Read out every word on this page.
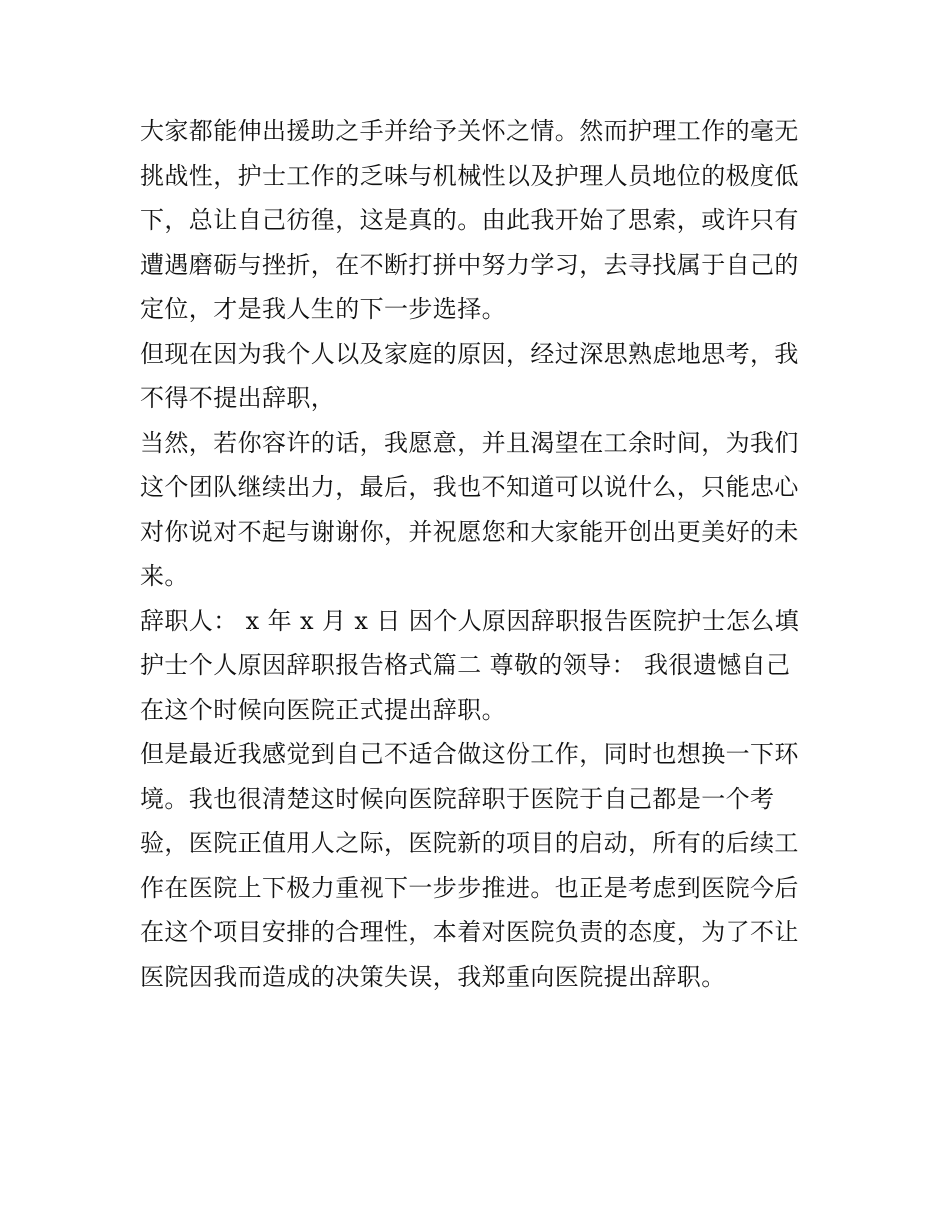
大家都能伸出援助之手并给予关怀之情。然而护理工作的毫无
挑战性，护士工作的乏味与机械性以及护理人员地位的极度低
下，总让自己彷徨，这是真的。由此我开始了思索，或许只有
遭遇磨砺与挫折，在不断打拼中努力学习，去寻找属于自己的
定位，才是我人生的下一步选择。
但现在因为我个人以及家庭的原因，经过深思熟虑地思考，我
不得不提出辞职，
当然，若你容许的话，我愿意，并且渴望在工余时间，为我们
这个团队继续出力，最后，我也不知道可以说什么，只能忠心
对你说对不起与谢谢你，并祝愿您和大家能开创出更美好的未
来。
辞职人： x 年 x 月 x 日 因个人原因辞职报告医院护士怎么填
护士个人原因辞职报告格式篇二 尊敬的领导： 我很遗憾自己
在这个时候向医院正式提出辞职。
但是最近我感觉到自己不适合做这份工作，同时也想换一下环
境。我也很清楚这时候向医院辞职于医院于自己都是一个考
验，医院正值用人之际，医院新的项目的启动，所有的后续工
作在医院上下极力重视下一步步推进。也正是考虑到医院今后
在这个项目安排的合理性，本着对医院负责的态度，为了不让
医院因我而造成的决策失误，我郑重向医院提出辞职。
